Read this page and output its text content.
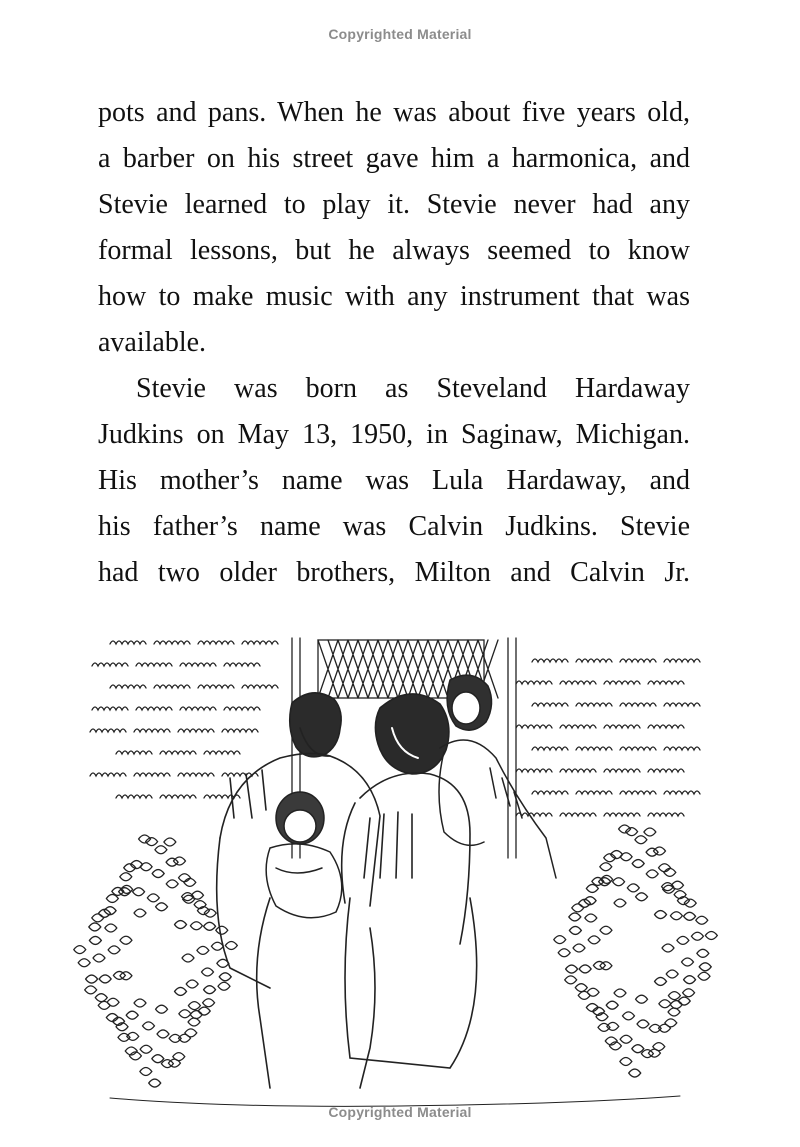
Copyrighted Material
pots and pans. When he was about five years old,
a barber on his street gave him a harmonica, and
Stevie learned to play it. Stevie never had any
formal lessons, but he always seemed to know
how to make music with any instrument that was
available.
Stevie was born as Steveland Hardaway
Judkins on May 13, 1950, in Saginaw, Michigan.
His mother’s name was Lula Hardaway, and
his father’s name was Calvin Judkins. Stevie
had two older brothers, Milton and Calvin Jr.
Copyrighted Material
